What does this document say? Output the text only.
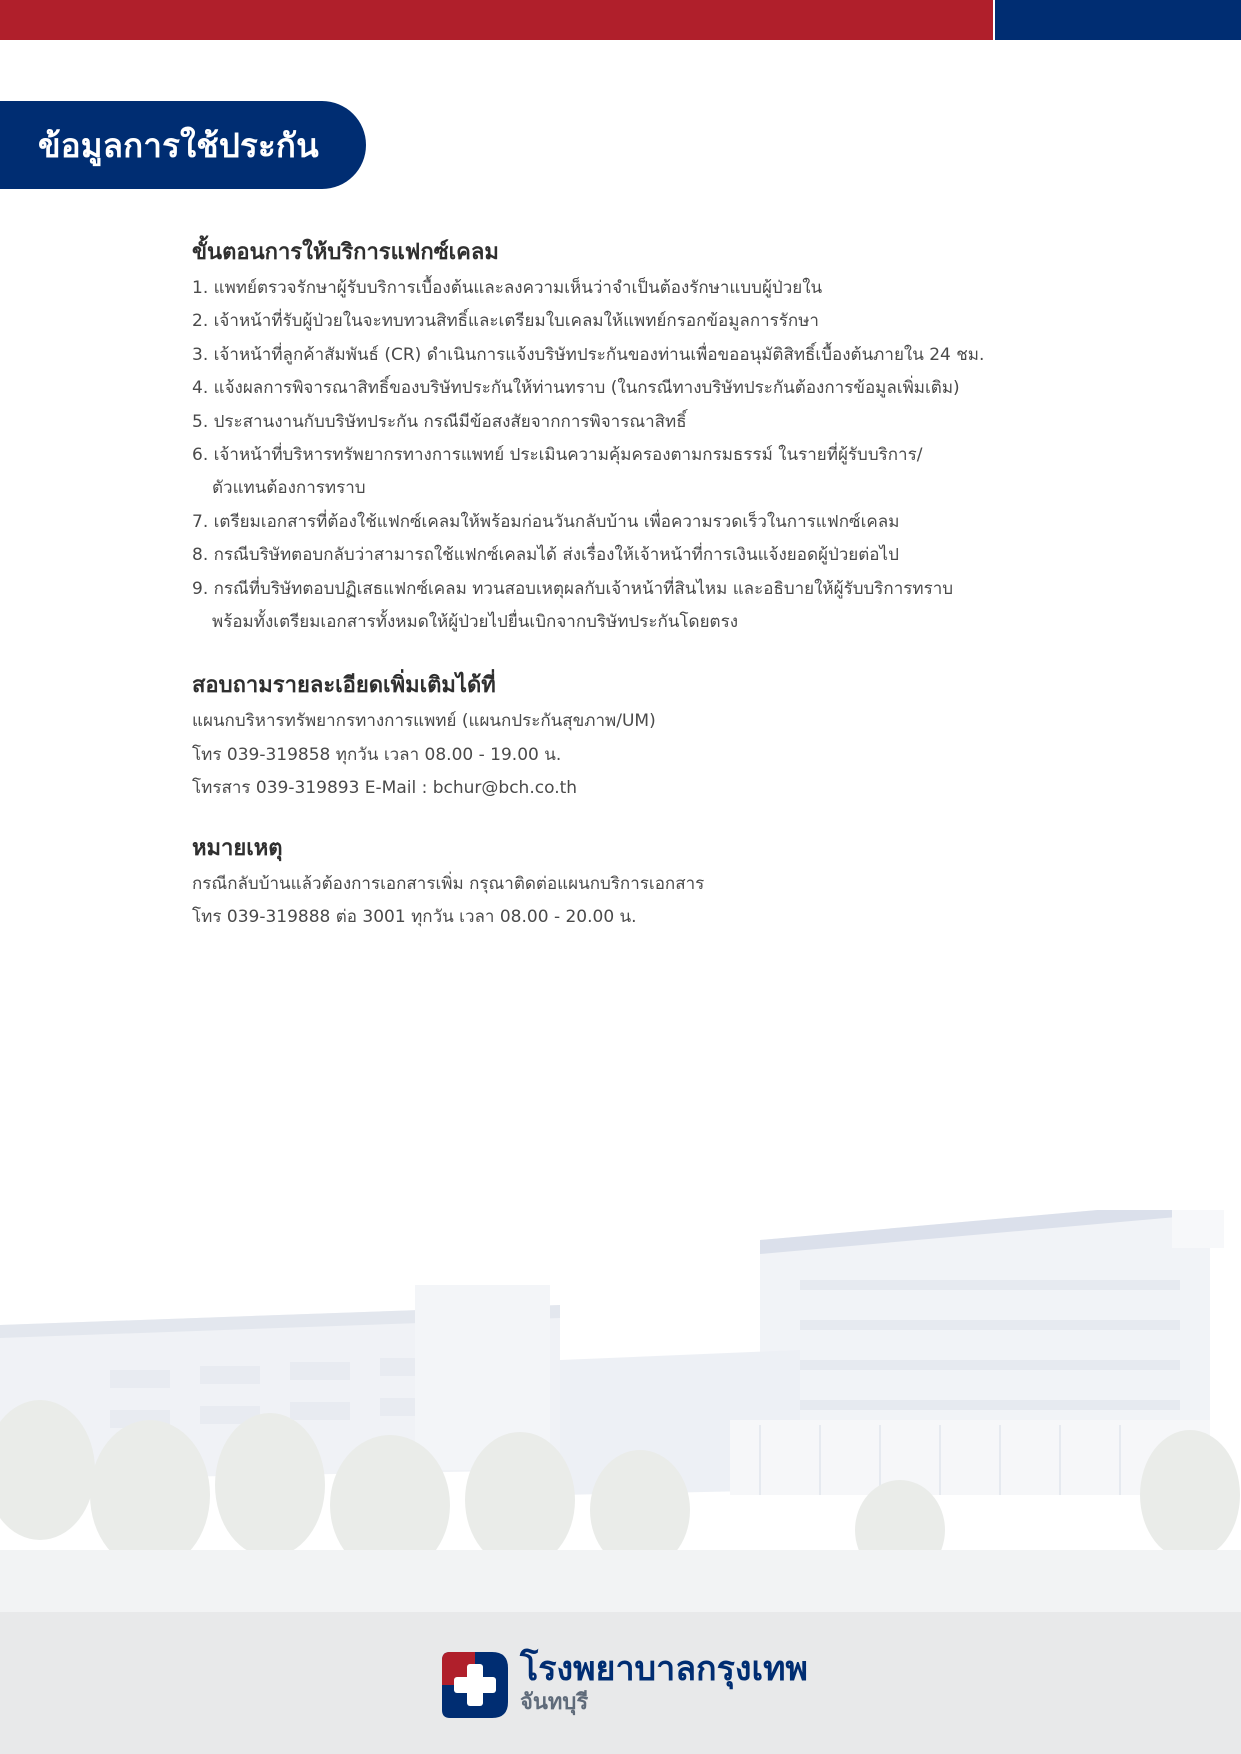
ข้อมูลการใช้ประกัน
ขั้นตอนการให้บริการแฟกซ์เคลม
1. แพทย์ตรวจรักษาผู้รับบริการเบื้องต้นและลงความเห็นว่าจำเป็นต้องรักษาแบบผู้ป่วยใน
2. เจ้าหน้าที่รับผู้ป่วยในจะทบทวนสิทธิ์และเตรียมใบเคลมให้แพทย์กรอกข้อมูลการรักษา
3. เจ้าหน้าที่ลูกค้าสัมพันธ์ (CR) ดำเนินการแจ้งบริษัทประกันของท่านเพื่อขออนุมัติสิทธิ์เบื้องต้นภายใน 24 ชม.
4. แจ้งผลการพิจารณาสิทธิ์ของบริษัทประกันให้ท่านทราบ (ในกรณีทางบริษัทประกันต้องการข้อมูลเพิ่มเติม)
5. ประสานงานกับบริษัทประกัน กรณีมีข้อสงสัยจากการพิจารณาสิทธิ์
6. เจ้าหน้าที่บริหารทรัพยากรทางการแพทย์ ประเมินความคุ้มครองตามกรมธรรม์ ในรายที่ผู้รับบริการ/
ตัวแทนต้องการทราบ
7. เตรียมเอกสารที่ต้องใช้แฟกซ์เคลมให้พร้อมก่อนวันกลับบ้าน เพื่อความรวดเร็วในการแฟกซ์เคลม
8. กรณีบริษัทตอบกลับว่าสามารถใช้แฟกซ์เคลมได้ ส่งเรื่องให้เจ้าหน้าที่การเงินแจ้งยอดผู้ป่วยต่อไป
9. กรณีที่บริษัทตอบปฏิเสธแฟกซ์เคลม ทวนสอบเหตุผลกับเจ้าหน้าที่สินไหม และอธิบายให้ผู้รับบริการทราบ
พร้อมทั้งเตรียมเอกสารทั้งหมดให้ผู้ป่วยไปยื่นเบิกจากบริษัทประกันโดยตรง
สอบถามรายละเอียดเพิ่มเติมได้ที่

แผนกบริหารทรัพยากรทางการแพทย์ (แผนกประกันสุขภาพ/UM)

โทร 039-319858 ทุกวัน เวลา 08.00 - 19.00 น.

โทรสาร 039-319893 E-Mail : bchur@bch.co.th

หมายเหตุ

กรณีกลับบ้านแล้วต้องการเอกสารเพิ่ม กรุณาติดต่อแผนกบริการเอกสาร

โทร 039-319888 ต่อ 3001 ทุกวัน เวลา 08.00 - 20.00 น.

โรงพยาบาลกรุงเทพ
จันทบุรี
